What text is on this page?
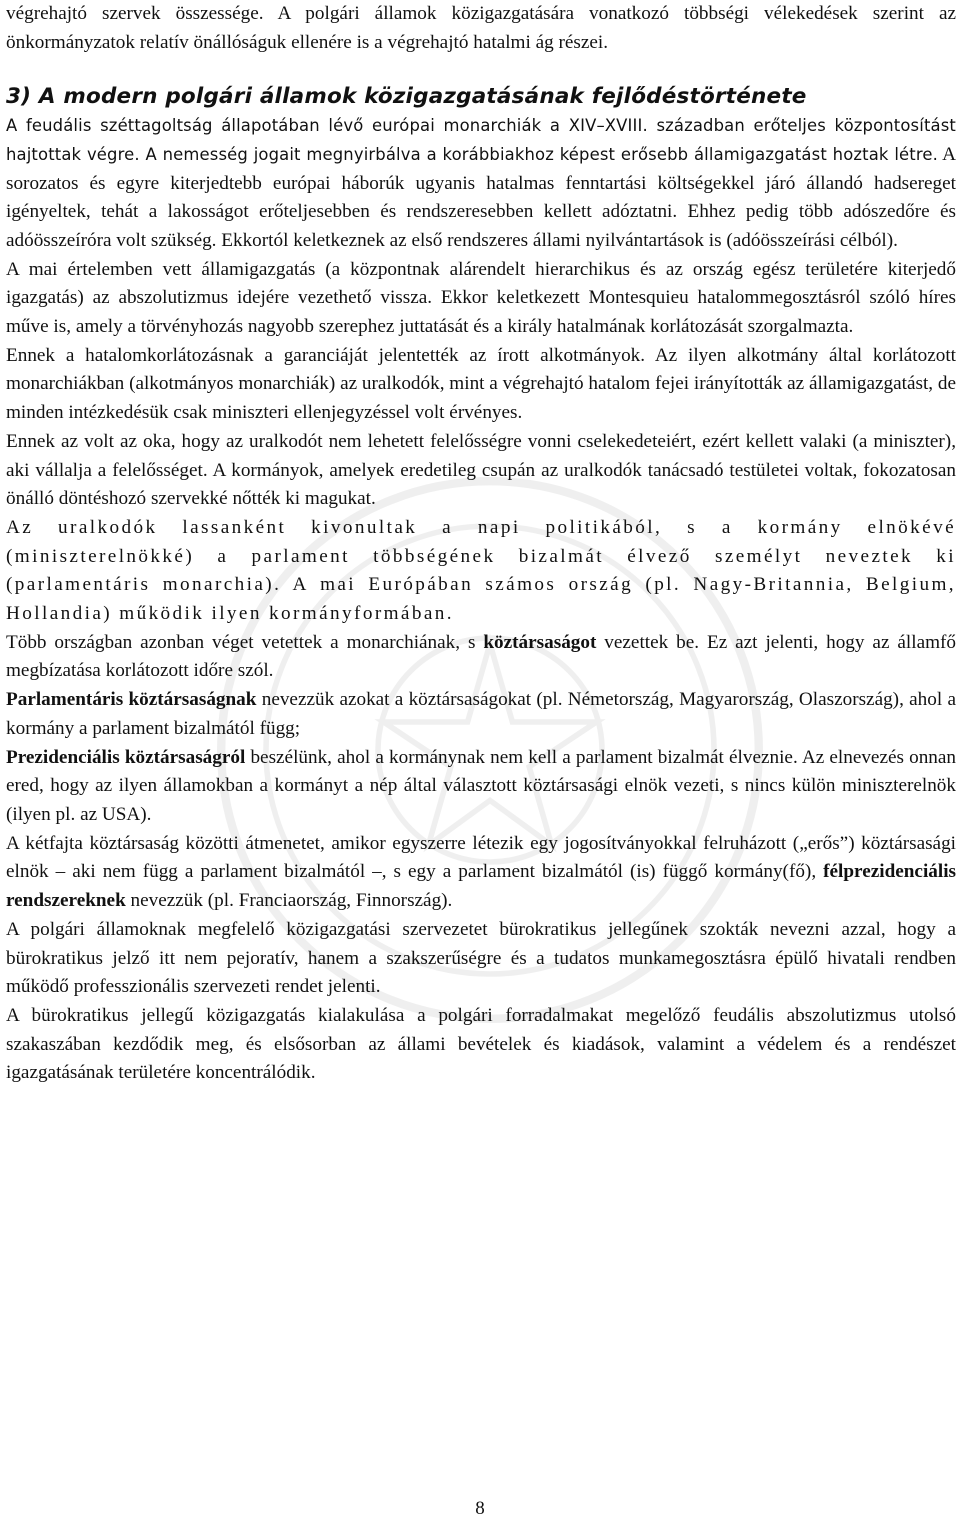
végrehajtó szervek összessége. A polgári államok közigazgatására vonatkozó többségi vélekedések szerint az önkormányzatok relatív önállóságuk ellenére is a végrehajtó hatalmi ág részei.

3) A modern polgári államok közigazgatásának fejlődéstörténete

A feudális széttagoltság állapotában lévő európai monarchiák a XIV–XVIII. században erőteljes központosítást hajtottak végre. A nemesség jogait megnyirbálva a korábbiakhoz képest erősebb államigazgatást hoztak létre. A sorozatos és egyre kiterjedtebb európai háborúk ugyanis hatalmas fenntartási költségekkel járó állandó hadsereget igényeltek, tehát a lakosságot erőteljesebben és rendszeresebben kellett adóztatni. Ehhez pedig több adószedőre és adóösszeíróra volt szükség. Ekkortól keletkeznek az első rendszeres állami nyilvántartások is (adóösszeírási célból).

A mai értelemben vett államigazgatás (a központnak alárendelt hierarchikus és az ország egész területére kiterjedő igazgatás) az abszolutizmus idejére vezethető vissza. Ekkor keletkezett Montesquieu hatalommegosztásról szóló híres műve is, amely a törvényhozás nagyobb szerephez juttatását és a király hatalmának korlátozását szorgalmazta.

Ennek a hatalomkorlátozásnak a garanciáját jelentették az írott alkotmányok. Az ilyen alkotmány által korlátozott monarchiákban (alkotmányos monarchiák) az uralkodók, mint a végrehajtó hatalom fejei irányították az államigazgatást, de minden intézkedésük csak miniszteri ellenjegyzéssel volt érvényes.

Ennek az volt az oka, hogy az uralkodót nem lehetett felelősségre vonni cselekedeteiért, ezért kellett valaki (a miniszter), aki vállalja a felelősséget. A kormányok, amelyek eredetileg csupán az uralkodók tanácsadó testületei voltak, fokozatosan önálló döntéshozó szervekké nőtték ki magukat.

Az uralkodók lassanként kivonultak a napi politikából, s a kormány elnökévé (miniszterelnökké) a parlament többségének bizalmát élvező személyt neveztek ki (parlamentáris monarchia). A mai Európában számos ország (pl. Nagy-Britannia, Belgium, Hollandia) működik ilyen kormányformában.

Több országban azonban véget vetettek a monarchiának, s köztársaságot vezettek be. Ez azt jelenti, hogy az államfő megbízatása korlátozott időre szól.

Parlamentáris köztársaságnak nevezzük azokat a köztársaságokat (pl. Németország, Magyarország, Olaszország), ahol a kormány a parlament bizalmától függ;

Prezidenciális köztársaságról beszélünk, ahol a kormánynak nem kell a parlament bizalmát élveznie. Az elnevezés onnan ered, hogy az ilyen államokban a kormányt a nép által választott köztársasági elnök vezeti, s nincs külön miniszterelnök (ilyen pl. az USA).

A kétfajta köztársaság közötti átmenetet, amikor egyszerre létezik egy jogosítványokkal felruházott („erős”) köztársasági elnök – aki nem függ a parlament bizalmától –, s egy a parlament bizalmától (is) függő kormány(fő), félprezidenciális rendszereknek nevezzük (pl. Franciaország, Finnország).

A polgári államoknak megfelelő közigazgatási szervezetet bürokratikus jellegűnek szokták nevezni azzal, hogy a bürokratikus jelző itt nem pejoratív, hanem a szakszerűségre és a tudatos munkamegosztásra épülő hivatali rendben működő professzionális szervezeti rendet jelenti.

A bürokratikus jellegű közigazgatás kialakulása a polgári forradalmakat megelőző feudális abszolutizmus utolsó szakaszában kezdődik meg, és elsősorban az állami bevételek és kiadások, valamint a védelem és a rendészet igazgatásának területére koncentrálódik.

8
